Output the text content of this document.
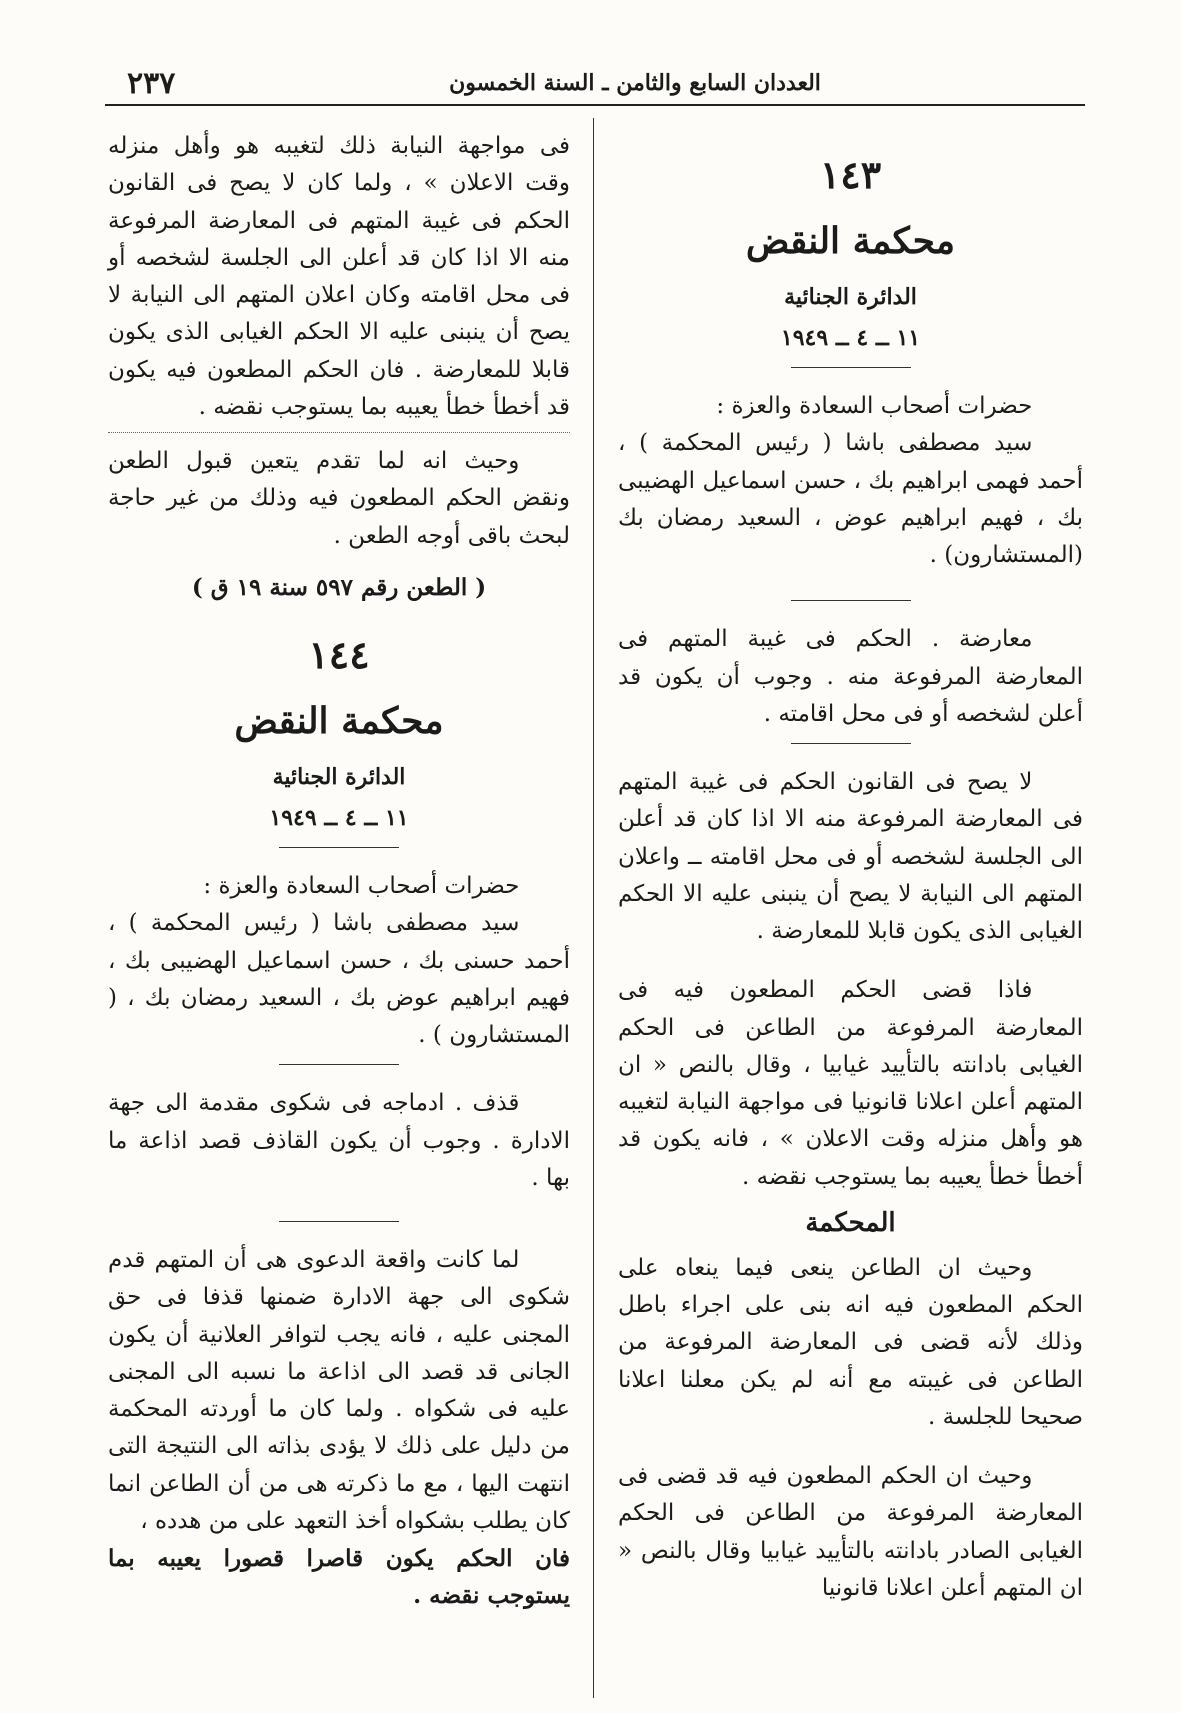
٢٣٧	العددان السابع والثامن ـ السنة الخمسون
١٤٣
محكمة النقض
الدائرة الجنائية
١١ ــ ٤ ــ ١٩٤٩

حضرات أصحاب السعادة والعزة :

سيد مصطفى باشا ( رئيس المحكمة ) ، أحمد فهمى ابراهيم بك ، حسن اسماعيل الهضيبى بك ، فهيم ابراهيم عوض ، السعيد رمضان بك (المستشارون) .

معارضة . الحكم فى غيبة المتهم فى المعارضة المرفوعة منه . وجوب أن يكون قد أعلن لشخصه أو فى محل اقامته .

لا يصح فى القانون الحكم فى غيبة المتهم فى المعارضة المرفوعة منه الا اذا كان قد أعلن الى الجلسة لشخصه أو فى محل اقامته ــ واعلان المتهم الى النيابة لا يصح أن ينبنى عليه الا الحكم الغيابى الذى يكون قابلا للمعارضة .

فاذا قضى الحكم المطعون فيه فى المعارضة المرفوعة من الطاعن فى الحكم الغيابى بادانته بالتأييد غيابيا ، وقال بالنص « ان المتهم أعلن اعلانا قانونيا فى مواجهة النيابة لتغيبه هو وأهل منزله وقت الاعلان » ، فانه يكون قد أخطأ خطأ يعيبه بما يستوجب نقضه .

المحكمة

وحيث ان الطاعن ينعى فيما ينعاه على الحكم المطعون فيه انه بنى على اجراء باطل وذلك لأنه قضى فى المعارضة المرفوعة من الطاعن فى غيبته مع أنه لم يكن معلنا اعلانا صحيحا للجلسة .

وحيث ان الحكم المطعون فيه قد قضى فى المعارضة المرفوعة من الطاعن فى الحكم الغيابى الصادر بادانته بالتأييد غيابيا وقال بالنص « ان المتهم أعلن اعلانا قانونيا

فى مواجهة النيابة ذلك لتغيبه هو وأهل منزله وقت الاعلان » ، ولما كان لا يصح فى القانون الحكم فى غيبة المتهم فى المعارضة المرفوعة منه الا اذا كان قد أعلن الى الجلسة لشخصه أو فى محل اقامته وكان اعلان المتهم الى النيابة لا يصح أن ينبنى عليه الا الحكم الغيابى الذى يكون قابلا للمعارضة . فان الحكم المطعون فيه يكون قد أخطأ خطأ يعيبه بما يستوجب نقضه .

وحيث انه لما تقدم يتعين قبول الطعن ونقض الحكم المطعون فيه وذلك من غير حاجة لبحث باقى أوجه الطعن .

( الطعن رقم ٥٩٧ سنة ١٩ ق )
١٤٤
محكمة النقض
الدائرة الجنائية
١١ ــ ٤ ــ ١٩٤٩

حضرات أصحاب السعادة والعزة :

سيد مصطفى باشا ( رئيس المحكمة ) ، أحمد حسنى بك ، حسن اسماعيل الهضيبى بك ، فهيم ابراهيم عوض بك ، السعيد رمضان بك ، ( المستشارون ) .

قذف . ادماجه فى شكوى مقدمة الى جهة الادارة . وجوب أن يكون القاذف قصد اذاعة ما بها .

لما كانت واقعة الدعوى هى أن المتهم قدم شكوى الى جهة الادارة ضمنها قذفا فى حق المجنى عليه ، فانه يجب لتوافر العلانية أن يكون الجانى قد قصد الى اذاعة ما نسبه الى المجنى عليه فى شكواه . ولما كان ما أوردته المحكمة من دليل على ذلك لا يؤدى بذاته الى النتيجة التى انتهت اليها ، مع ما ذكرته هى من أن الطاعن انما كان يطلب بشكواه أخذ التعهد على من هدده ،

فان الحكم يكون قاصرا قصورا يعيبه بما يستوجب نقضه .
